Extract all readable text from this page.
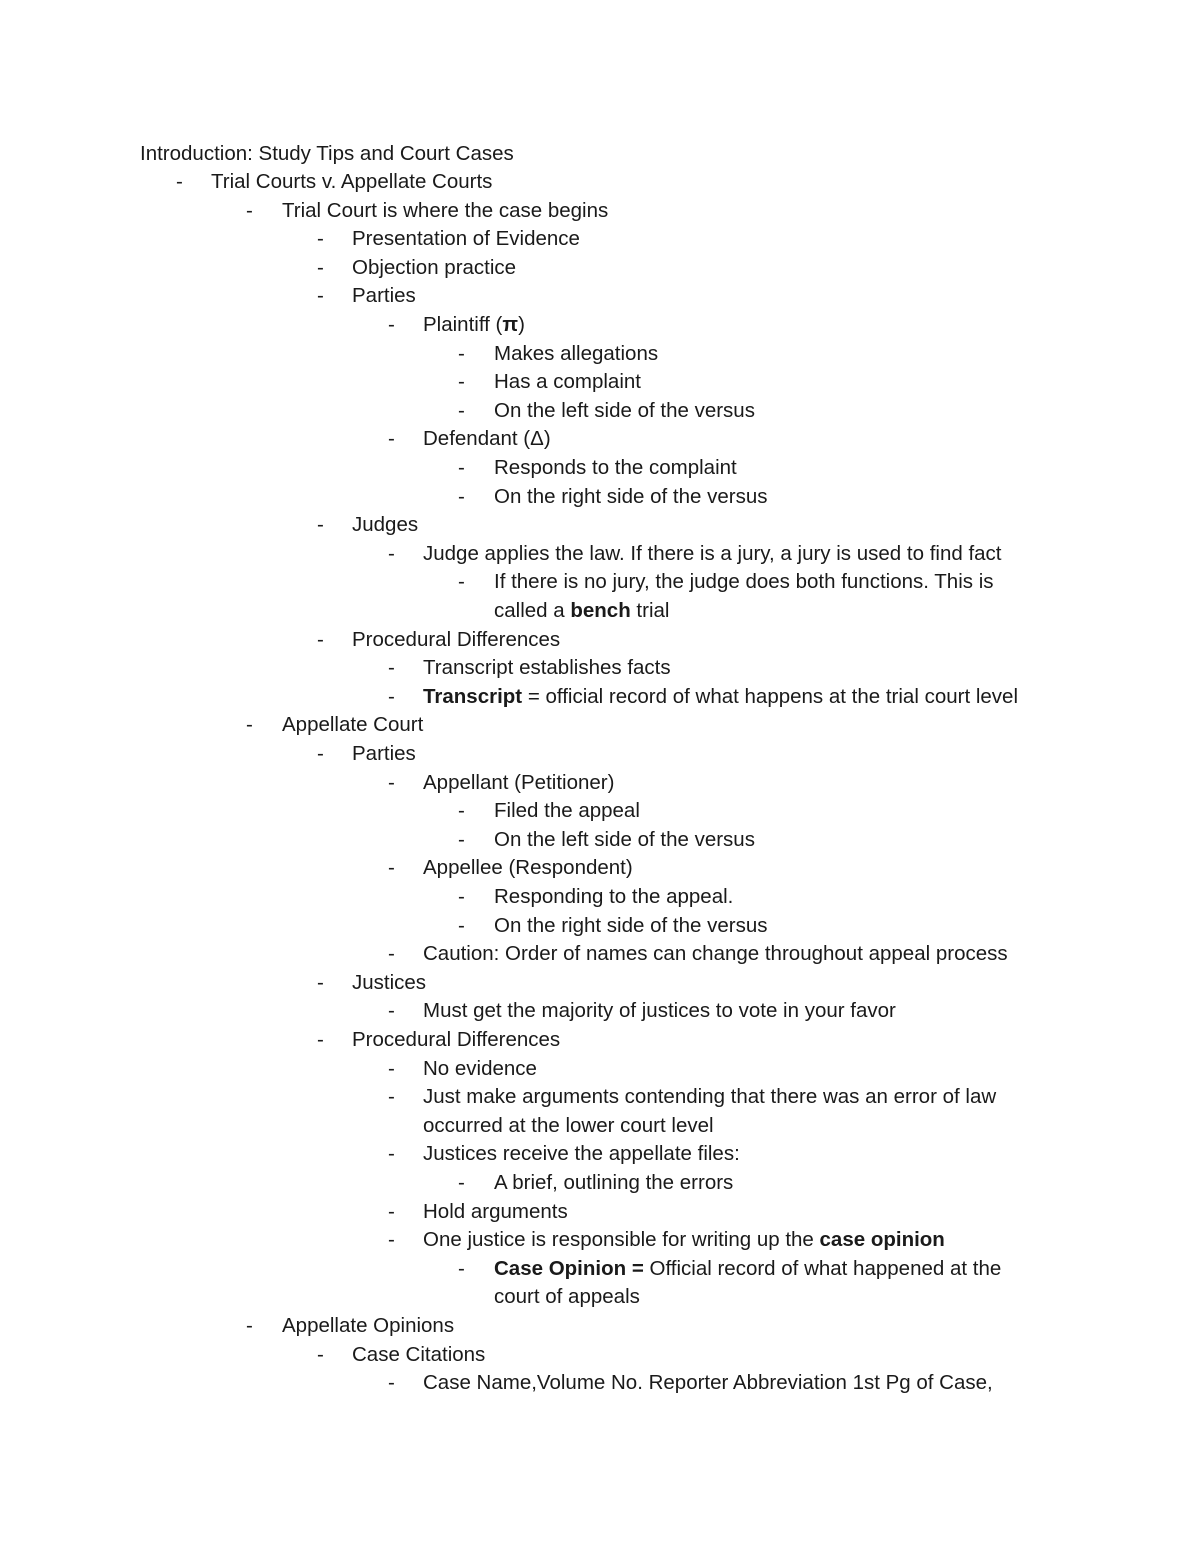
Introduction: Study Tips and Court Cases
- Trial Courts v. Appellate Courts
- Trial Court is where the case begins
- Presentation of Evidence
- Objection practice
- Parties
- Plaintiff (π)
- Makes allegations
- Has a complaint
- On the left side of the versus
- Defendant (Δ)
- Responds to the complaint
- On the right side of the versus
- Judges
- Judge applies the law. If there is a jury, a jury is used to find fact
- If there is no jury, the judge does both functions. This is
called a bench trial
- Procedural Differences
- Transcript establishes facts
- Transcript = official record of what happens at the trial court level
- Appellate Court
- Parties
- Appellant (Petitioner)
- Filed the appeal
- On the left side of the versus
- Appellee (Respondent)
- Responding to the appeal.
- On the right side of the versus
- Caution: Order of names can change throughout appeal process
- Justices
- Must get the majority of justices to vote in your favor
- Procedural Differences
- No evidence
- Just make arguments contending that there was an error of law
occurred at the lower court level
- Justices receive the appellate files:
- A brief, outlining the errors
- Hold arguments
- One justice is responsible for writing up the case opinion
- Case Opinion = Official record of what happened at the
court of appeals
- Appellate Opinions
- Case Citations
- Case Name,Volume No. Reporter Abbreviation 1st Pg of Case,
